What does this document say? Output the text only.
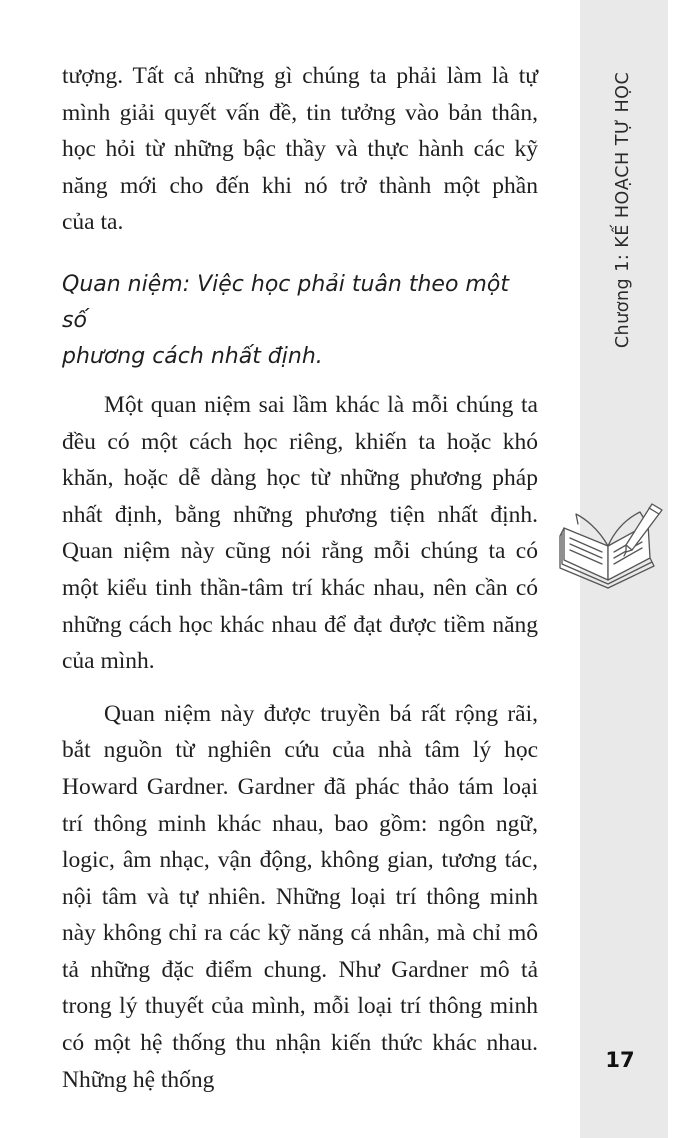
tượng. Tất cả những gì chúng ta phải làm là tự
mình giải quyết vấn đề, tin tưởng vào bản thân,
học hỏi từ những bậc thầy và thực hành các kỹ
năng mới cho đến khi nó trở thành một phần
của ta.
Quan niệm: Việc học phải tuân theo một số
phương cách nhất định.

Một quan niệm sai lầm khác là mỗi chúng ta đều có một cách học riêng, khiến ta hoặc khó khăn, hoặc dễ dàng học từ những phương pháp nhất định, bằng những phương tiện nhất định. Quan niệm này cũng nói rằng mỗi chúng ta có một kiểu tinh thần-tâm trí khác nhau, nên cần có những cách học khác nhau để đạt được tiềm năng của mình.

Quan niệm này được truyền bá rất rộng rãi, bắt nguồn từ nghiên cứu của nhà tâm lý học Howard Gardner. Gardner đã phác thảo tám loại trí thông minh khác nhau, bao gồm: ngôn ngữ, logic, âm nhạc, vận động, không gian, tương tác, nội tâm và tự nhiên. Những loại trí thông minh này không chỉ ra các kỹ năng cá nhân, mà chỉ mô tả những đặc điểm chung. Như Gardner mô tả trong lý thuyết của mình, mỗi loại trí thông minh có một hệ thống thu nhận kiến thức khác nhau. Những hệ thống

Chương 1: KẾ HOẠCH TỰ HỌC
17
